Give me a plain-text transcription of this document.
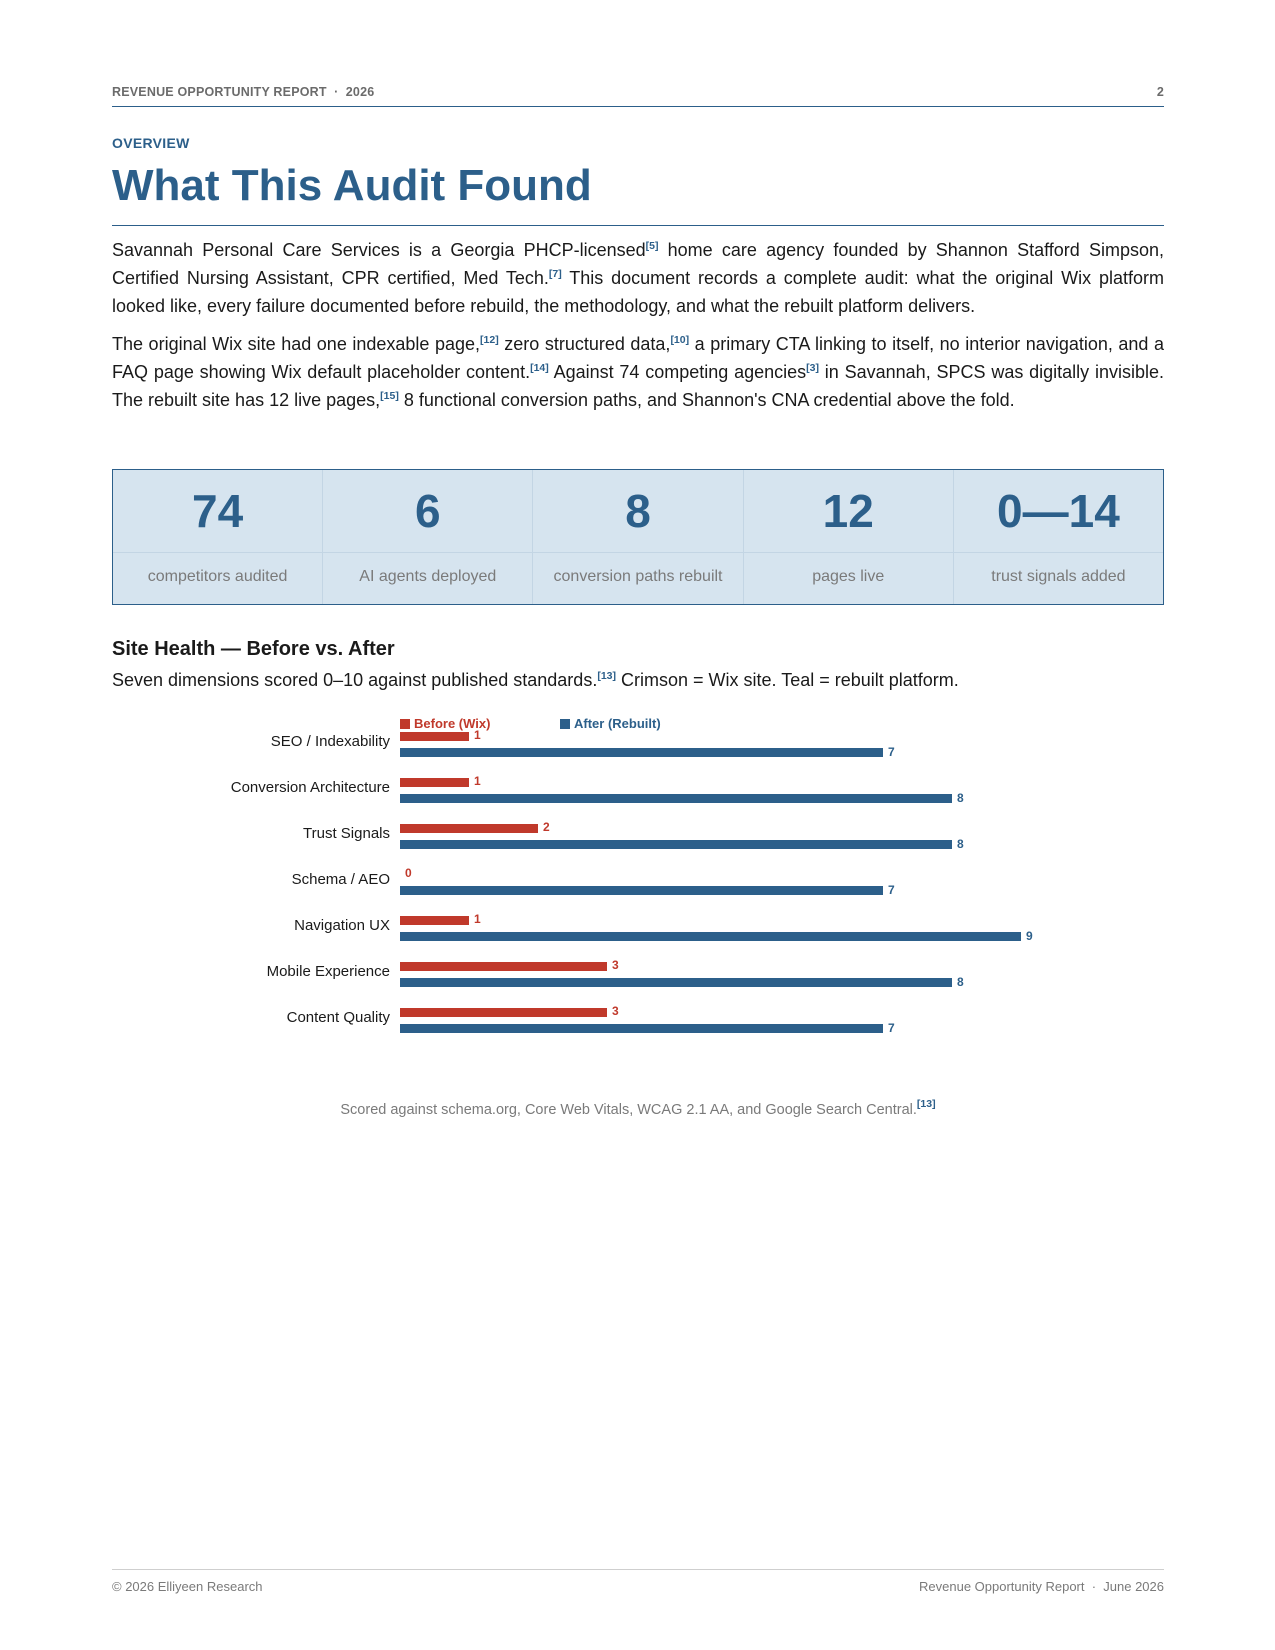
REVENUE OPPORTUNITY REPORT  ·  2026	2
OVERVIEW
What This Audit Found

Savannah Personal Care Services is a Georgia PHCP-licensed[5] home care agency founded by Shannon Stafford Simpson, Certified Nursing Assistant, CPR certified, Med Tech.[7] This document records a complete audit: what the original Wix platform looked like, every failure documented before rebuild, the methodology, and what the rebuilt platform delivers.

The original Wix site had one indexable page,[12] zero structured data,[10] a primary CTA linking to itself, no interior navigation, and a FAQ page showing Wix default placeholder content.[14] Against 74 competing agencies[3] in Savannah, SPCS was digitally invisible. The rebuilt site has 12 live pages,[15] 8 functional conversion paths, and Shannon's CNA credential above the fold.

74
competitors audited
6
AI agents deployed
8
conversion paths rebuilt
12
pages live
0—14
trust signals added
Site Health — Before vs. After
Seven dimensions scored 0–10 against published standards.[13] Crimson = Wix site. Teal = rebuilt platform.
SEO / Indexability	1
7
Conversion Architecture	1
8
Trust Signals	2
8
Schema / AEO 0
7
Navigation UX	1
9
Mobile Experience	3
8
Content Quality	3
7
Before (Wix)	After (Rebuilt)
Scored against schema.org, Core Web Vitals, WCAG 2.1 AA, and Google Search Central.[13]
© 2026 Elliyeen Research	Revenue Opportunity Report  ·  June 2026
